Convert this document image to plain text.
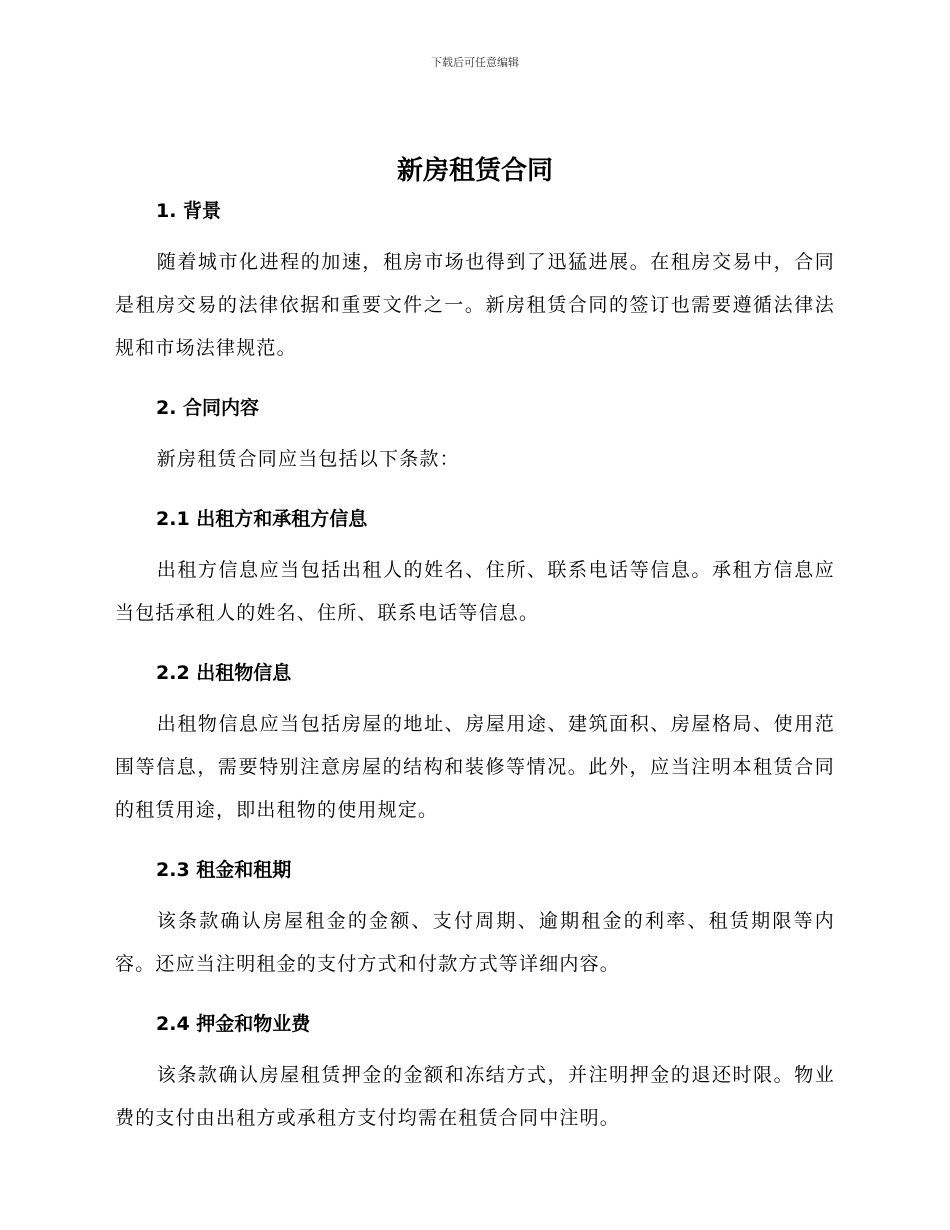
下载后可任意编辑
新房租赁合同

1. 背景

随着城市化进程的加速，租房市场也得到了迅猛进展。在租房交易中，合同是租房交易的法律依据和重要文件之一。新房租赁合同的签订也需要遵循法律法规和市场法律规范。

2. 合同内容

新房租赁合同应当包括以下条款：

2.1 出租方和承租方信息

出租方信息应当包括出租人的姓名、住所、联系电话等信息。承租方信息应当包括承租人的姓名、住所、联系电话等信息。

2.2 出租物信息

出租物信息应当包括房屋的地址、房屋用途、建筑面积、房屋格局、使用范围等信息，需要特别注意房屋的结构和装修等情况。此外，应当注明本租赁合同的租赁用途，即出租物的使用规定。

2.3 租金和租期

该条款确认房屋租金的金额、支付周期、逾期租金的利率、租赁期限等内容。还应当注明租金的支付方式和付款方式等详细内容。

2.4 押金和物业费

该条款确认房屋租赁押金的金额和冻结方式，并注明押金的退还时限。物业费的支付由出租方或承租方支付均需在租赁合同中注明。
